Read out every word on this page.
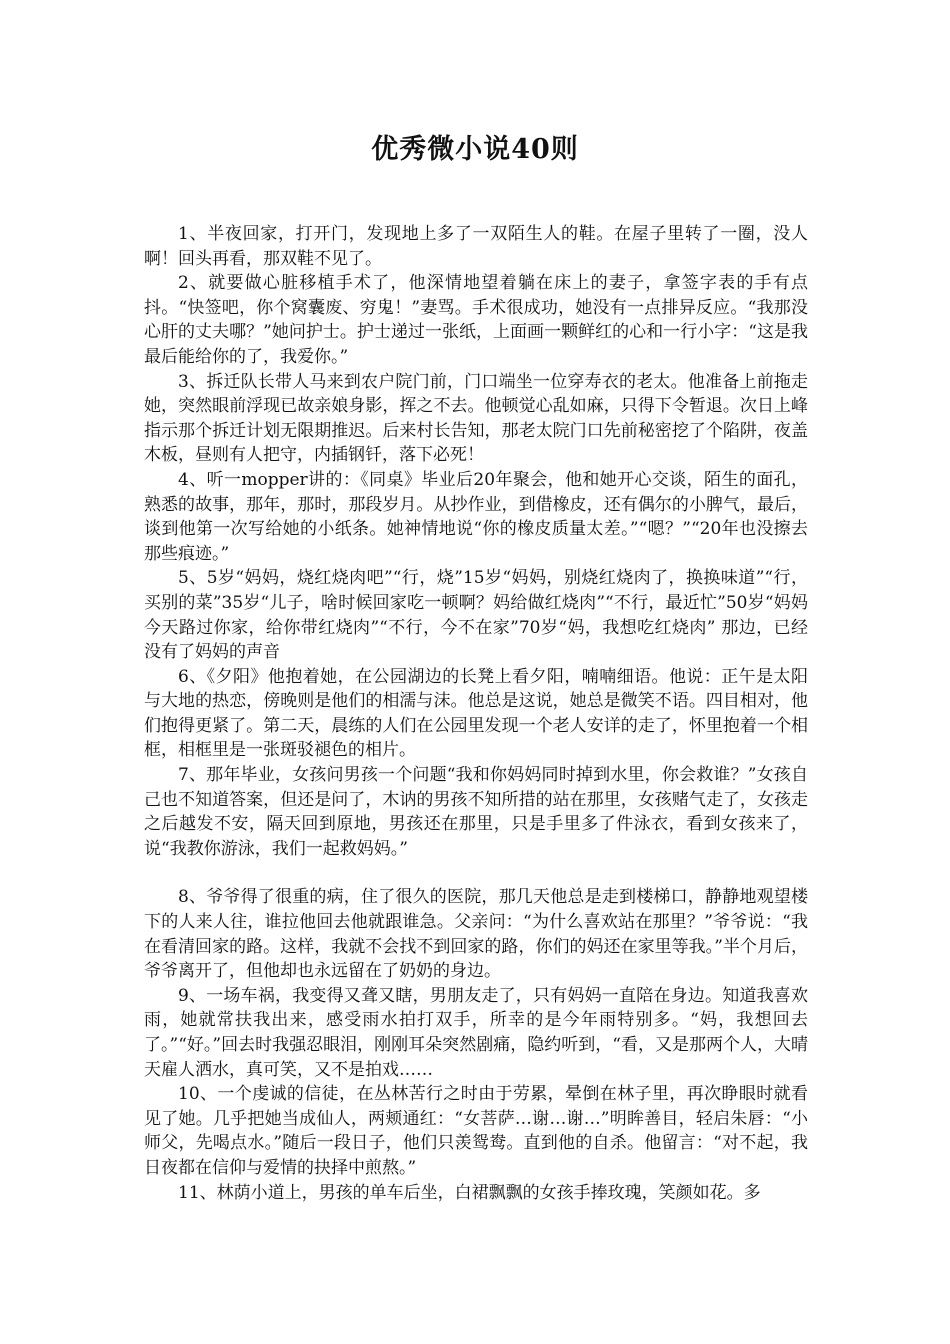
优秀微小说40则

1、半夜回家，打开门，发现地上多了一双陌生人的鞋。在屋子里转了一圈，没人啊！回头再看，那双鞋不见了。

2、就要做心脏移植手术了，他深情地望着躺在床上的妻子，拿签字表的手有点抖。“快签吧，你个窝囊废、穷鬼！”妻骂。手术很成功，她没有一点排异反应。“我那没心肝的丈夫哪？”她问护士。护士递过一张纸，上面画一颗鲜红的心和一行小字：“这是我最后能给你的了，我爱你。”

3、拆迁队长带人马来到农户院门前，门口端坐一位穿寿衣的老太。他准备上前拖走她，突然眼前浮现已故亲娘身影，挥之不去。他顿觉心乱如麻，只得下令暂退。次日上峰指示那个拆迁计划无限期推迟。后来村长告知，那老太院门口先前秘密挖了个陷阱，夜盖木板，昼则有人把守，内插钢钎，落下必死！

4、听一mopper讲的：《同桌》毕业后20年聚会，他和她开心交谈，陌生的面孔，熟悉的故事，那年，那时，那段岁月。从抄作业，到借橡皮，还有偶尔的小脾气，最后，谈到他第一次写给她的小纸条。她神情地说“你的橡皮质量太差。”“嗯？”“20年也没擦去那些痕迹。”

5、5岁“妈妈，烧红烧肉吧”“行，烧”15岁“妈妈，别烧红烧肉了，换换味道”“行，买别的菜”35岁“儿子，啥时候回家吃一顿啊？妈给做红烧肉”“不行，最近忙”50岁“妈妈今天路过你家，给你带红烧肉”“不行，今不在家”70岁“妈，我想吃红烧肉” 那边，已经没有了妈妈的声音

6、《夕阳》他抱着她，在公园湖边的长凳上看夕阳，喃喃细语。他说：正午是太阳与大地的热恋，傍晚则是他们的相濡与沫。他总是这说，她总是微笑不语。四目相对，他们抱得更紧了。第二天，晨练的人们在公园里发现一个老人安详的走了，怀里抱着一个相框，相框里是一张斑驳褪色的相片。

7、那年毕业，女孩问男孩一个问题“我和你妈妈同时掉到水里，你会救谁？”女孩自己也不知道答案，但还是问了，木讷的男孩不知所措的站在那里，女孩赌气走了，女孩走之后越发不安，隔天回到原地，男孩还在那里，只是手里多了件泳衣，看到女孩来了，说“我教你游泳，我们一起救妈妈。”

8、爷爷得了很重的病，住了很久的医院，那几天他总是走到楼梯口，静静地观望楼下的人来人往，谁拉他回去他就跟谁急。父亲问：“为什么喜欢站在那里？”爷爷说：“我在看清回家的路。这样，我就不会找不到回家的路，你们的妈还在家里等我。”半个月后，爷爷离开了，但他却也永远留在了奶奶的身边。

9、一场车祸，我变得又聋又瞎，男朋友走了，只有妈妈一直陪在身边。知道我喜欢雨，她就常扶我出来，感受雨水拍打双手，所幸的是今年雨特别多。“妈，我想回去了。”“好。”回去时我强忍眼泪，刚刚耳朵突然剧痛，隐约听到，“看，又是那两个人，大晴天雇人洒水，真可笑，又不是拍戏……

10、一个虔诚的信徒，在丛林苦行之时由于劳累，晕倒在林子里，再次睁眼时就看见了她。几乎把她当成仙人，两颊通红：“女菩萨…谢…谢…”明眸善目，轻启朱唇：“小师父，先喝点水。”随后一段日子，他们只羡鸳鸯。直到他的自杀。他留言：“对不起，我日夜都在信仰与爱情的抉择中煎熬。”

11、林荫小道上，男孩的单车后坐，白裙飘飘的女孩手捧玫瑰，笑颜如花。多
